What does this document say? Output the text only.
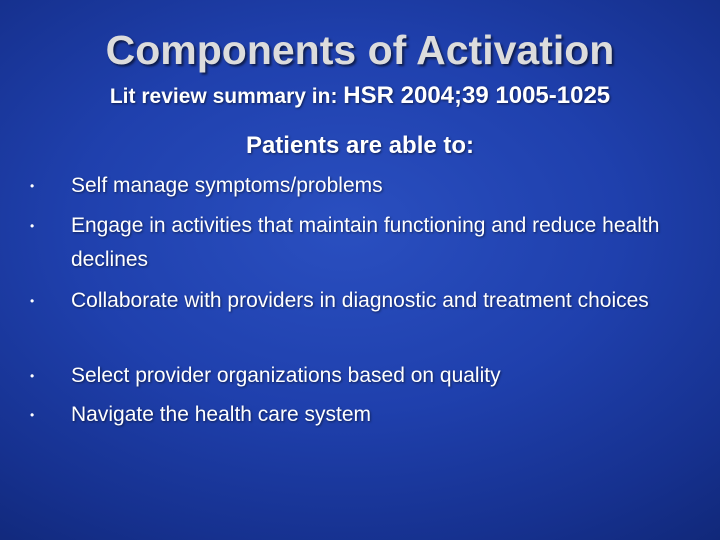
Components of Activation
Lit review summary in: HSR 2004;39 1005-1025
Patients are able to:
• Self manage symptoms/problems
• Engage in activities that maintain functioning and reduce health declines
• Collaborate with providers in diagnostic and treatment choices
• Select provider organizations based on quality
• Navigate the health care system
